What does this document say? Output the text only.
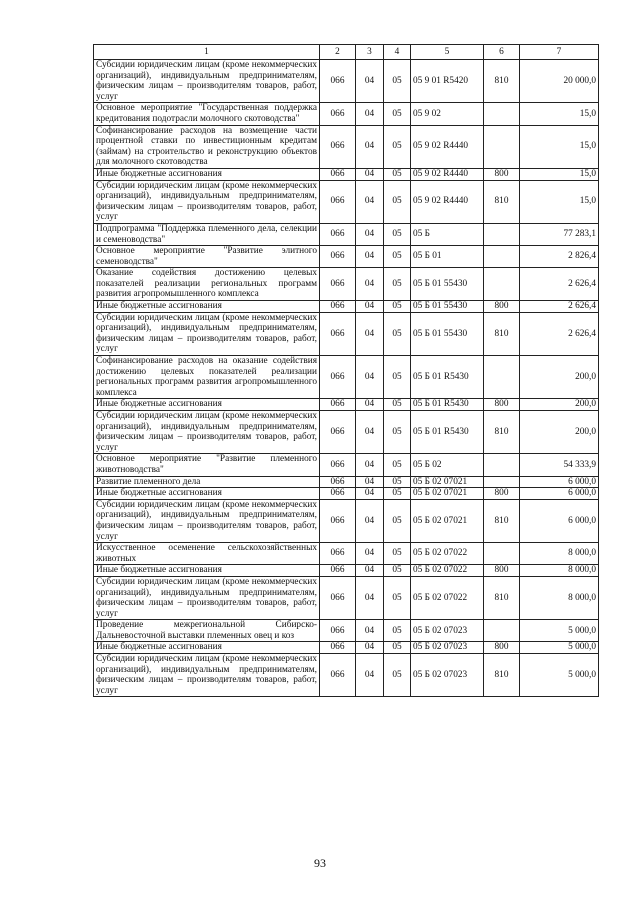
1	2	3	4	5	6	7
Субсидии юридическим лицам (кроме некоммерческих организаций), индивидуальным предпринимателям, физическим лицам – производителям товаров, работ, услуг	066	04	05	05 9 01 R5420	810	20 000,0
Основное мероприятие "Государственная поддержка кредитования подотрасли молочного скотоводства"	066	04	05	05 9 02		15,0
Софинансирование расходов на возмещение части процентной ставки по инвестиционным кредитам (займам) на строительство и реконструкцию объектов для молочного скотоводства	066	04	05	05 9 02 R4440		15,0
Иные бюджетные ассигнования	066	04	05	05 9 02 R4440	800	15,0
Субсидии юридическим лицам (кроме некоммерческих организаций), индивидуальным предпринимателям, физическим лицам – производителям товаров, работ, услуг	066	04	05	05 9 02 R4440	810	15,0
Подпрограмма "Поддержка племенного дела, селекции и семеноводства"	066	04	05	05 Б		77 283,1
Основное мероприятие "Развитие элитного семеноводства"	066	04	05	05 Б 01		2 826,4
Оказание содействия достижению целевых показателей реализации региональных программ развития агропромышленного комплекса	066	04	05	05 Б 01 55430		2 626,4
Иные бюджетные ассигнования	066	04	05	05 Б 01 55430	800	2 626,4
Субсидии юридическим лицам (кроме некоммерческих организаций), индивидуальным предпринимателям, физическим лицам – производителям товаров, работ, услуг	066	04	05	05 Б 01 55430	810	2 626,4
Софинансирование расходов на оказание содействия достижению целевых показателей реализации региональных программ развития агропромышленного комплекса	066	04	05	05 Б 01 R5430		200,0
Иные бюджетные ассигнования	066	04	05	05 Б 01 R5430	800	200,0
Субсидии юридическим лицам (кроме некоммерческих организаций), индивидуальным предпринимателям, физическим лицам – производителям товаров, работ, услуг	066	04	05	05 Б 01 R5430	810	200,0
Основное мероприятие "Развитие племенного животноводства"	066	04	05	05 Б 02		54 333,9
Развитие племенного дела	066	04	05	05 Б 02 07021		6 000,0
Иные бюджетные ассигнования	066	04	05	05 Б 02 07021	800	6 000,0
Субсидии юридическим лицам (кроме некоммерческих организаций), индивидуальным предпринимателям, физическим лицам – производителям товаров, работ, услуг	066	04	05	05 Б 02 07021	810	6 000,0
Искусственное осеменение сельскохозяйственных животных	066	04	05	05 Б 02 07022		8 000,0
Иные бюджетные ассигнования	066	04	05	05 Б 02 07022	800	8 000,0
Субсидии юридическим лицам (кроме некоммерческих организаций), индивидуальным предпринимателям, физическим лицам – производителям товаров, работ, услуг	066	04	05	05 Б 02 07022	810	8 000,0
Проведение межрегиональной Сибирско-Дальневосточной выставки племенных овец и коз	066	04	05	05 Б 02 07023		5 000,0
Иные бюджетные ассигнования	066	04	05	05 Б 02 07023	800	5 000,0
Субсидии юридическим лицам (кроме некоммерческих организаций), индивидуальным предпринимателям, физическим лицам – производителям товаров, работ, услуг	066	04	05	05 Б 02 07023	810	5 000,0
93
